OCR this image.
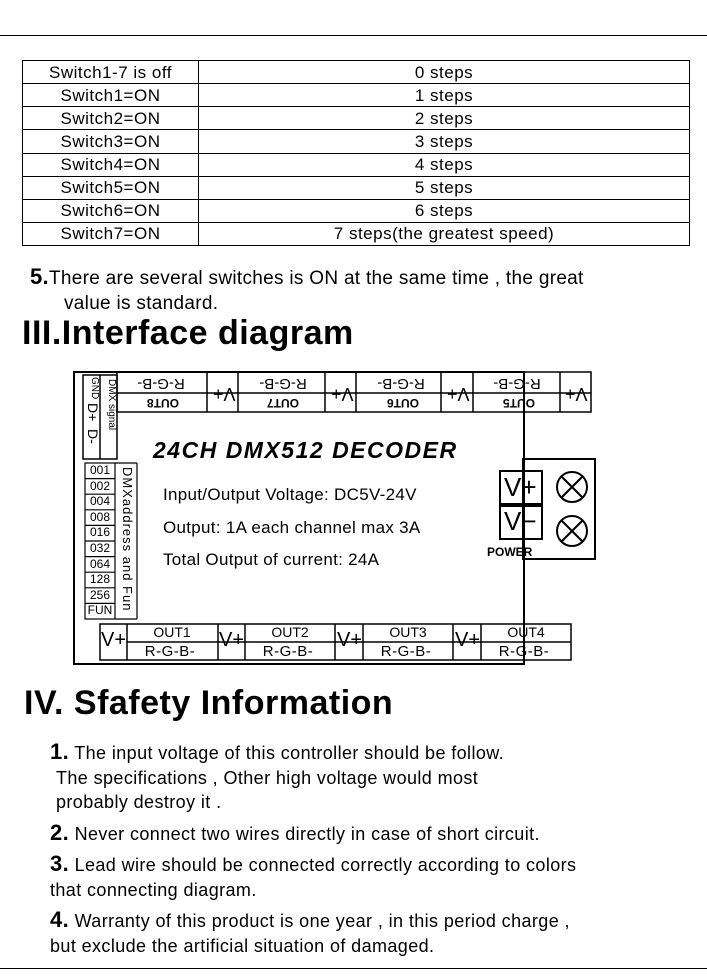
Switch1-7 is off	0 steps
Switch1=ON	1 steps
Switch2=ON	2 steps
Switch3=ON	3 steps
Switch4=ON	4 steps
Switch5=ON	5 steps
Switch6=ON	6 steps
Switch7=ON	7 steps(the greatest speed)
5.There are several switches is ON at the same time , the great
value is standard.
III.Interface diagram
V+
R-G-B-
OUT8	V+
R-G-B-
OUT7	V+
R-G-B-
OUT6	V+
R-G-B-
OUT5
GND
D+
D-
DMX signal
001
002
004
008
016
032
064
128
256
FUN DMXaddress and Fun
24CH DMX512 DECODER
Input/Output Voltage: DC5V-24V
Output: 1A each channel max 3A
Total Output of current: 24A
V+
V−
POWER
V+	OUT1
R-G-B-
V+	OUT2
R-G-B-
V+	OUT3
R-G-B-
V+	OUT4
R-G-B-
IV. Sfafety Information
1. The input voltage of this controller should be follow.
The specifications , Other high voltage would most
probably destroy it .
2. Never connect two wires directly in case of short circuit.
3. Lead wire should be connected correctly according to colors
that connecting diagram.
4. Warranty of this product is one year , in this period charge ,
but exclude the artificial situation of damaged.
